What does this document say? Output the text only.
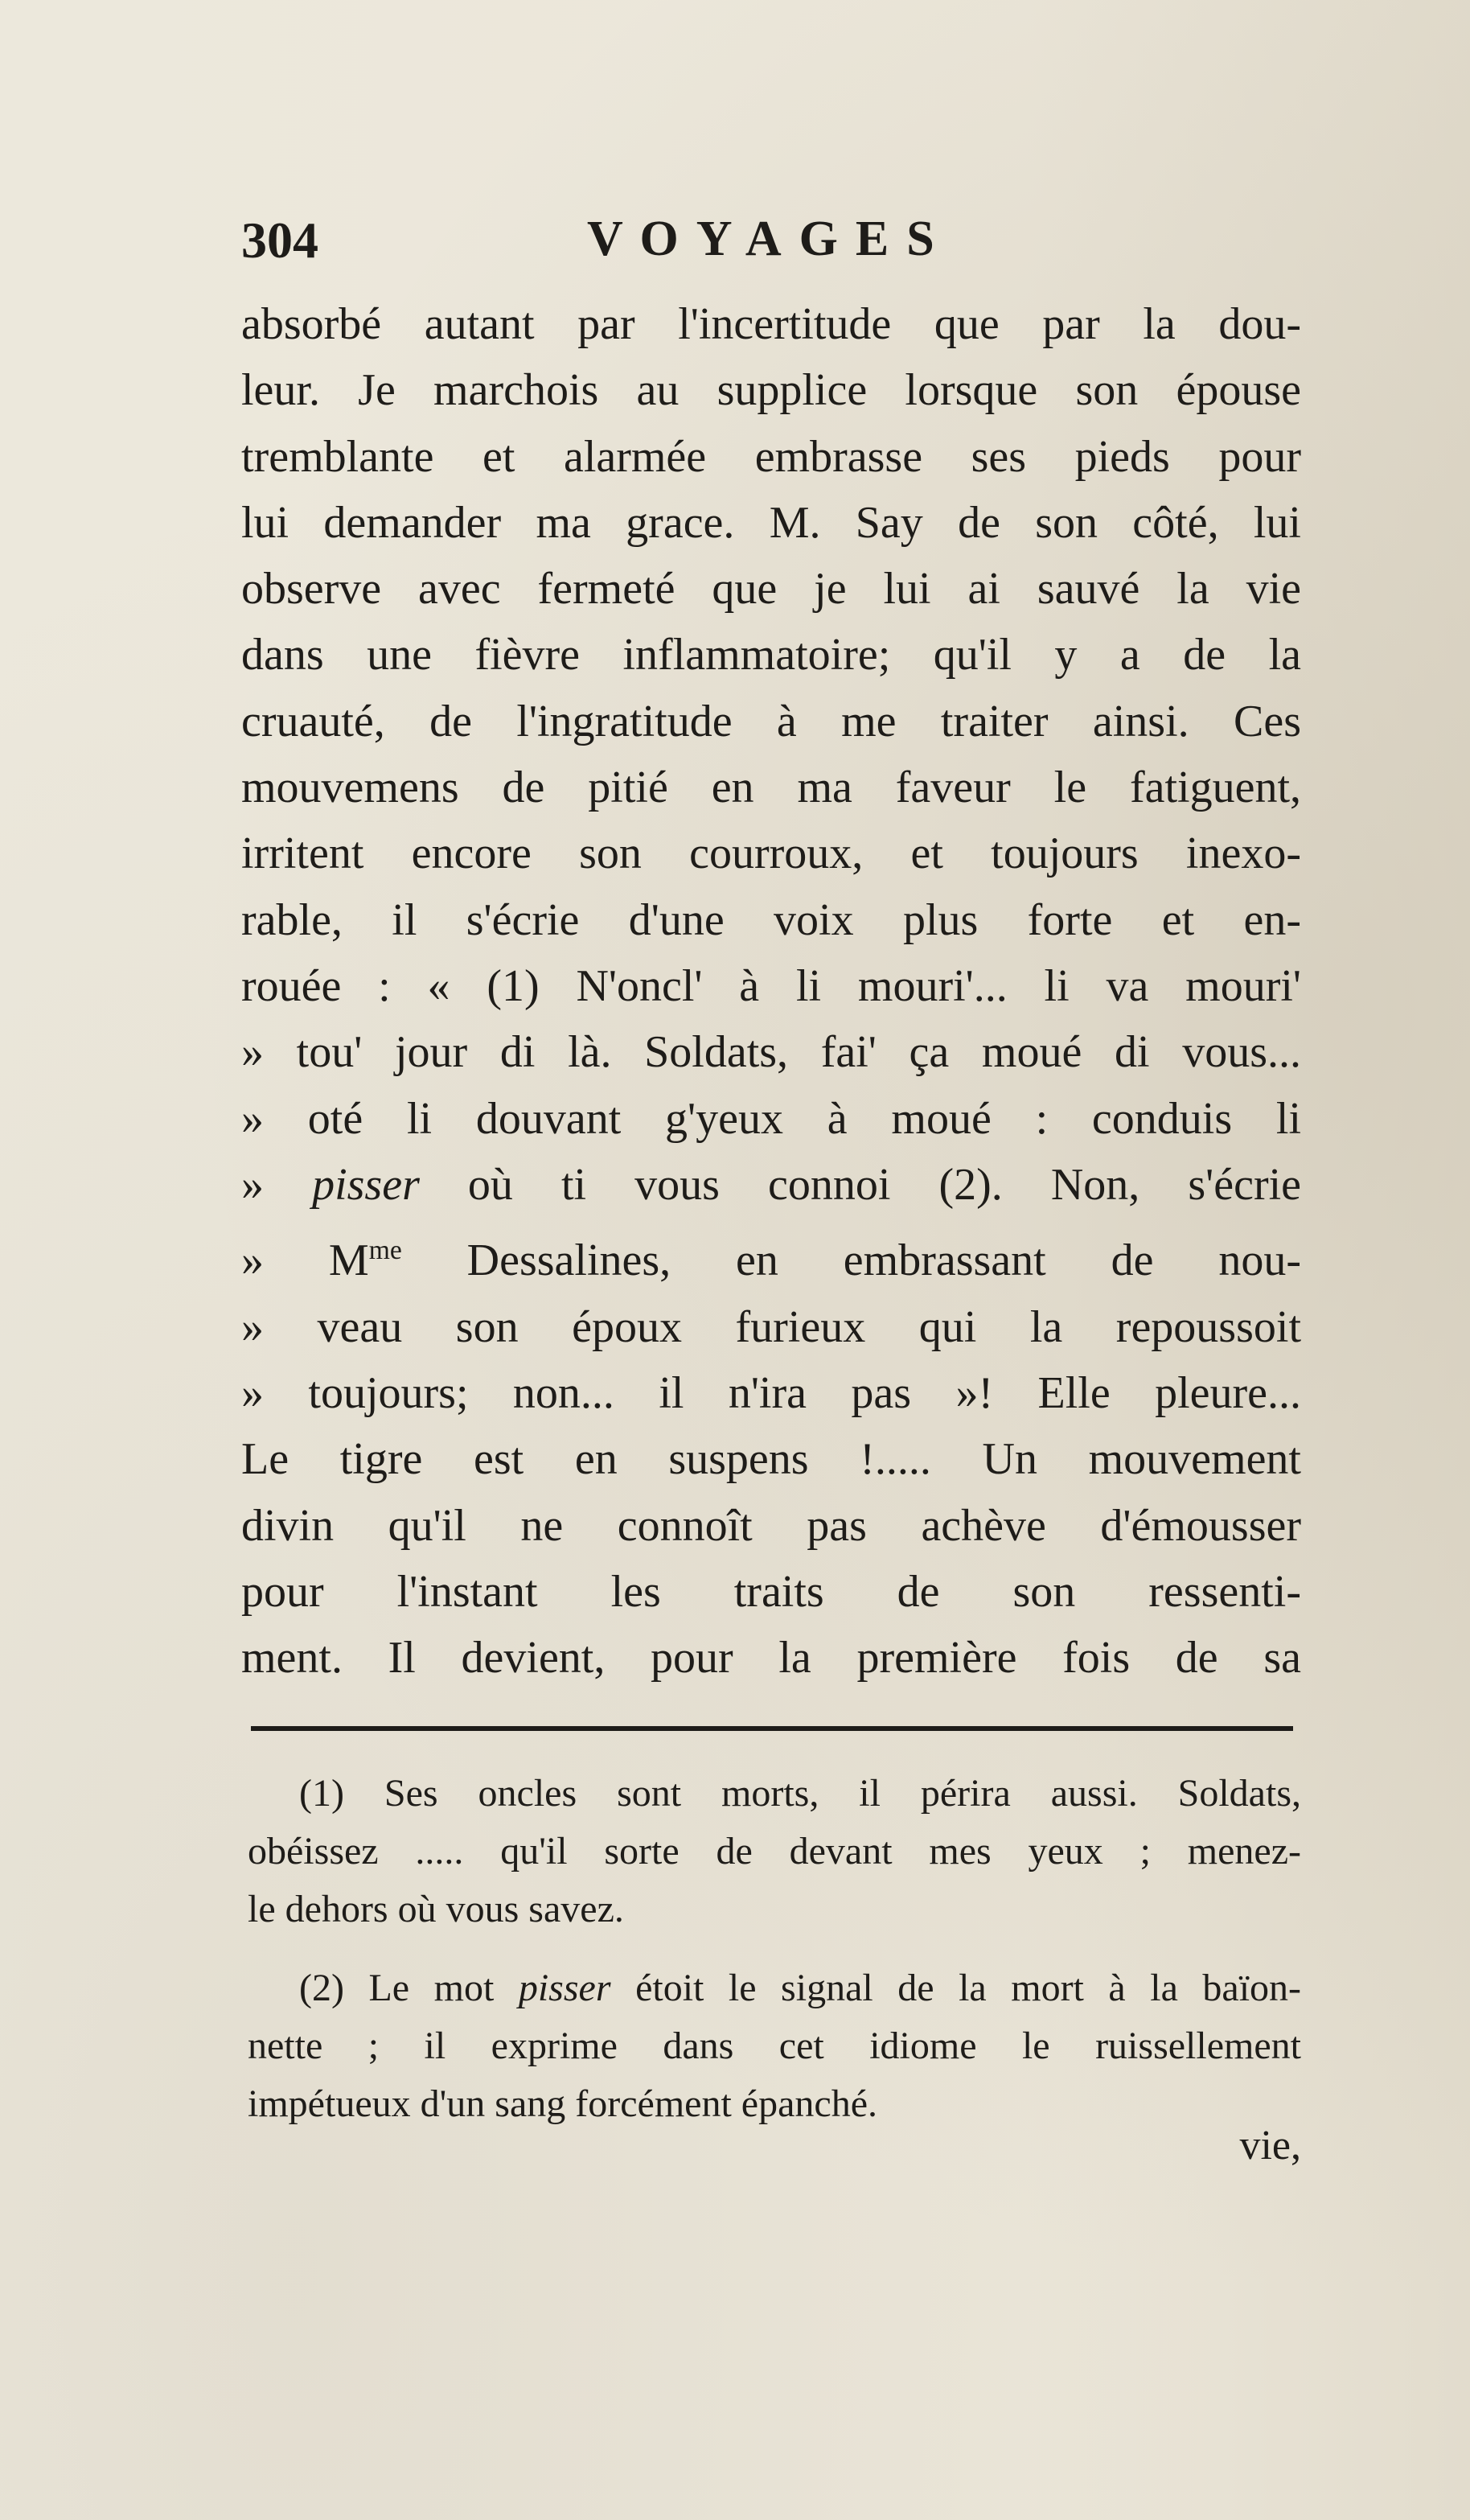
304	VOYAGES
absorbé autant par l'incertitude que par la dou-
leur. Je marchois au supplice lorsque son épouse
tremblante et alarmée embrasse ses pieds pour
lui demander ma grace. M. Say de son côté, lui
observe avec fermeté que je lui ai sauvé la vie
dans une fièvre inflammatoire; qu'il y a de la
cruauté, de l'ingratitude à me traiter ainsi. Ces
mouvemens de pitié en ma faveur le fatiguent,
irritent encore son courroux, et toujours inexo-
rable, il s'écrie d'une voix plus forte et en-
rouée : « (1) N'oncl' à li mouri'... li va mouri'
» tou' jour di là. Soldats, fai' ça moué di vous...
» oté li douvant g'yeux à moué : conduis li
» pisser où ti vous connoi (2). Non, s'écrie
» $M^{me}$ Dessalines, en embrassant de nou-
» veau son époux furieux qui la repoussoit
» toujours; non... il n'ira pas »! Elle pleure...
Le tigre est en suspens !..... Un mouvement
divin qu'il ne connoît pas achève d'émousser
pour l'instant les traits de son ressenti-
ment. Il devient, pour la première fois de sa
(1) Ses oncles sont morts, il périra aussi. Soldats,
obéissez ..... qu'il sorte de devant mes yeux ; menez-
le dehors où vous savez.
(2) Le mot pisser étoit le signal de la mort à la baïon-
nette ; il exprime dans cet idiome le ruissellement
impétueux d'un sang forcément épanché.
vie,
